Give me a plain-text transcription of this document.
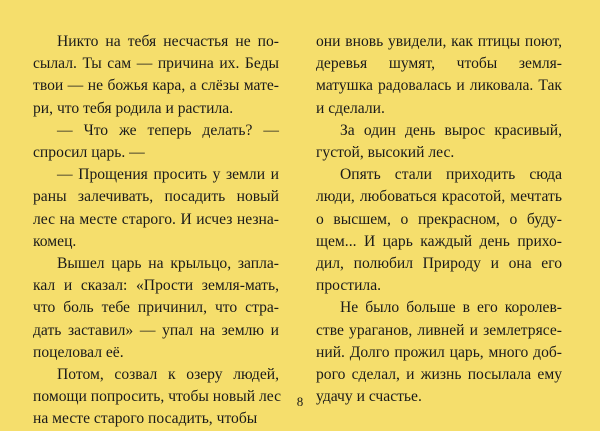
Никто на тебя несчастья не по-
сылал. Ты сам — причина их. Беды
твои — не божья кара, а слёзы мате-
ри, что тебя родила и растила.

— Что же теперь делать? —
спросил царь. —

— Прощения просить у земли и
раны залечивать, посадить новый
лес на месте старого. И исчез незна-
комец.

Вышел царь на крыльцо, запла-
кал и сказал: «Прости земля-мать,
что боль тебе причинил, что стра-
дать заставил» — упал на землю и
поцеловал её.

Потом, созвал к озеру людей,
помощи попросить, чтобы новый лес
на месте старого посадить, чтобы

они вновь увидели, как птицы поют,
деревья шумят, чтобы земля-
матушка радовалась и ликовала. Так
и сделали.

За один день вырос красивый,
густой, высокий лес.

Опять стали приходить сюда
люди, любоваться красотой, мечтать
о высшем, о прекрасном, о буду-
щем... И царь каждый день прихо-
дил, полюбил Природу и она его
простила.

Не было больше в его королев-
стве ураганов, ливней и землетрясе-
ний. Долго прожил царь, много доб-
рого сделал, и жизнь посылала ему
удачу и счастье.

8
